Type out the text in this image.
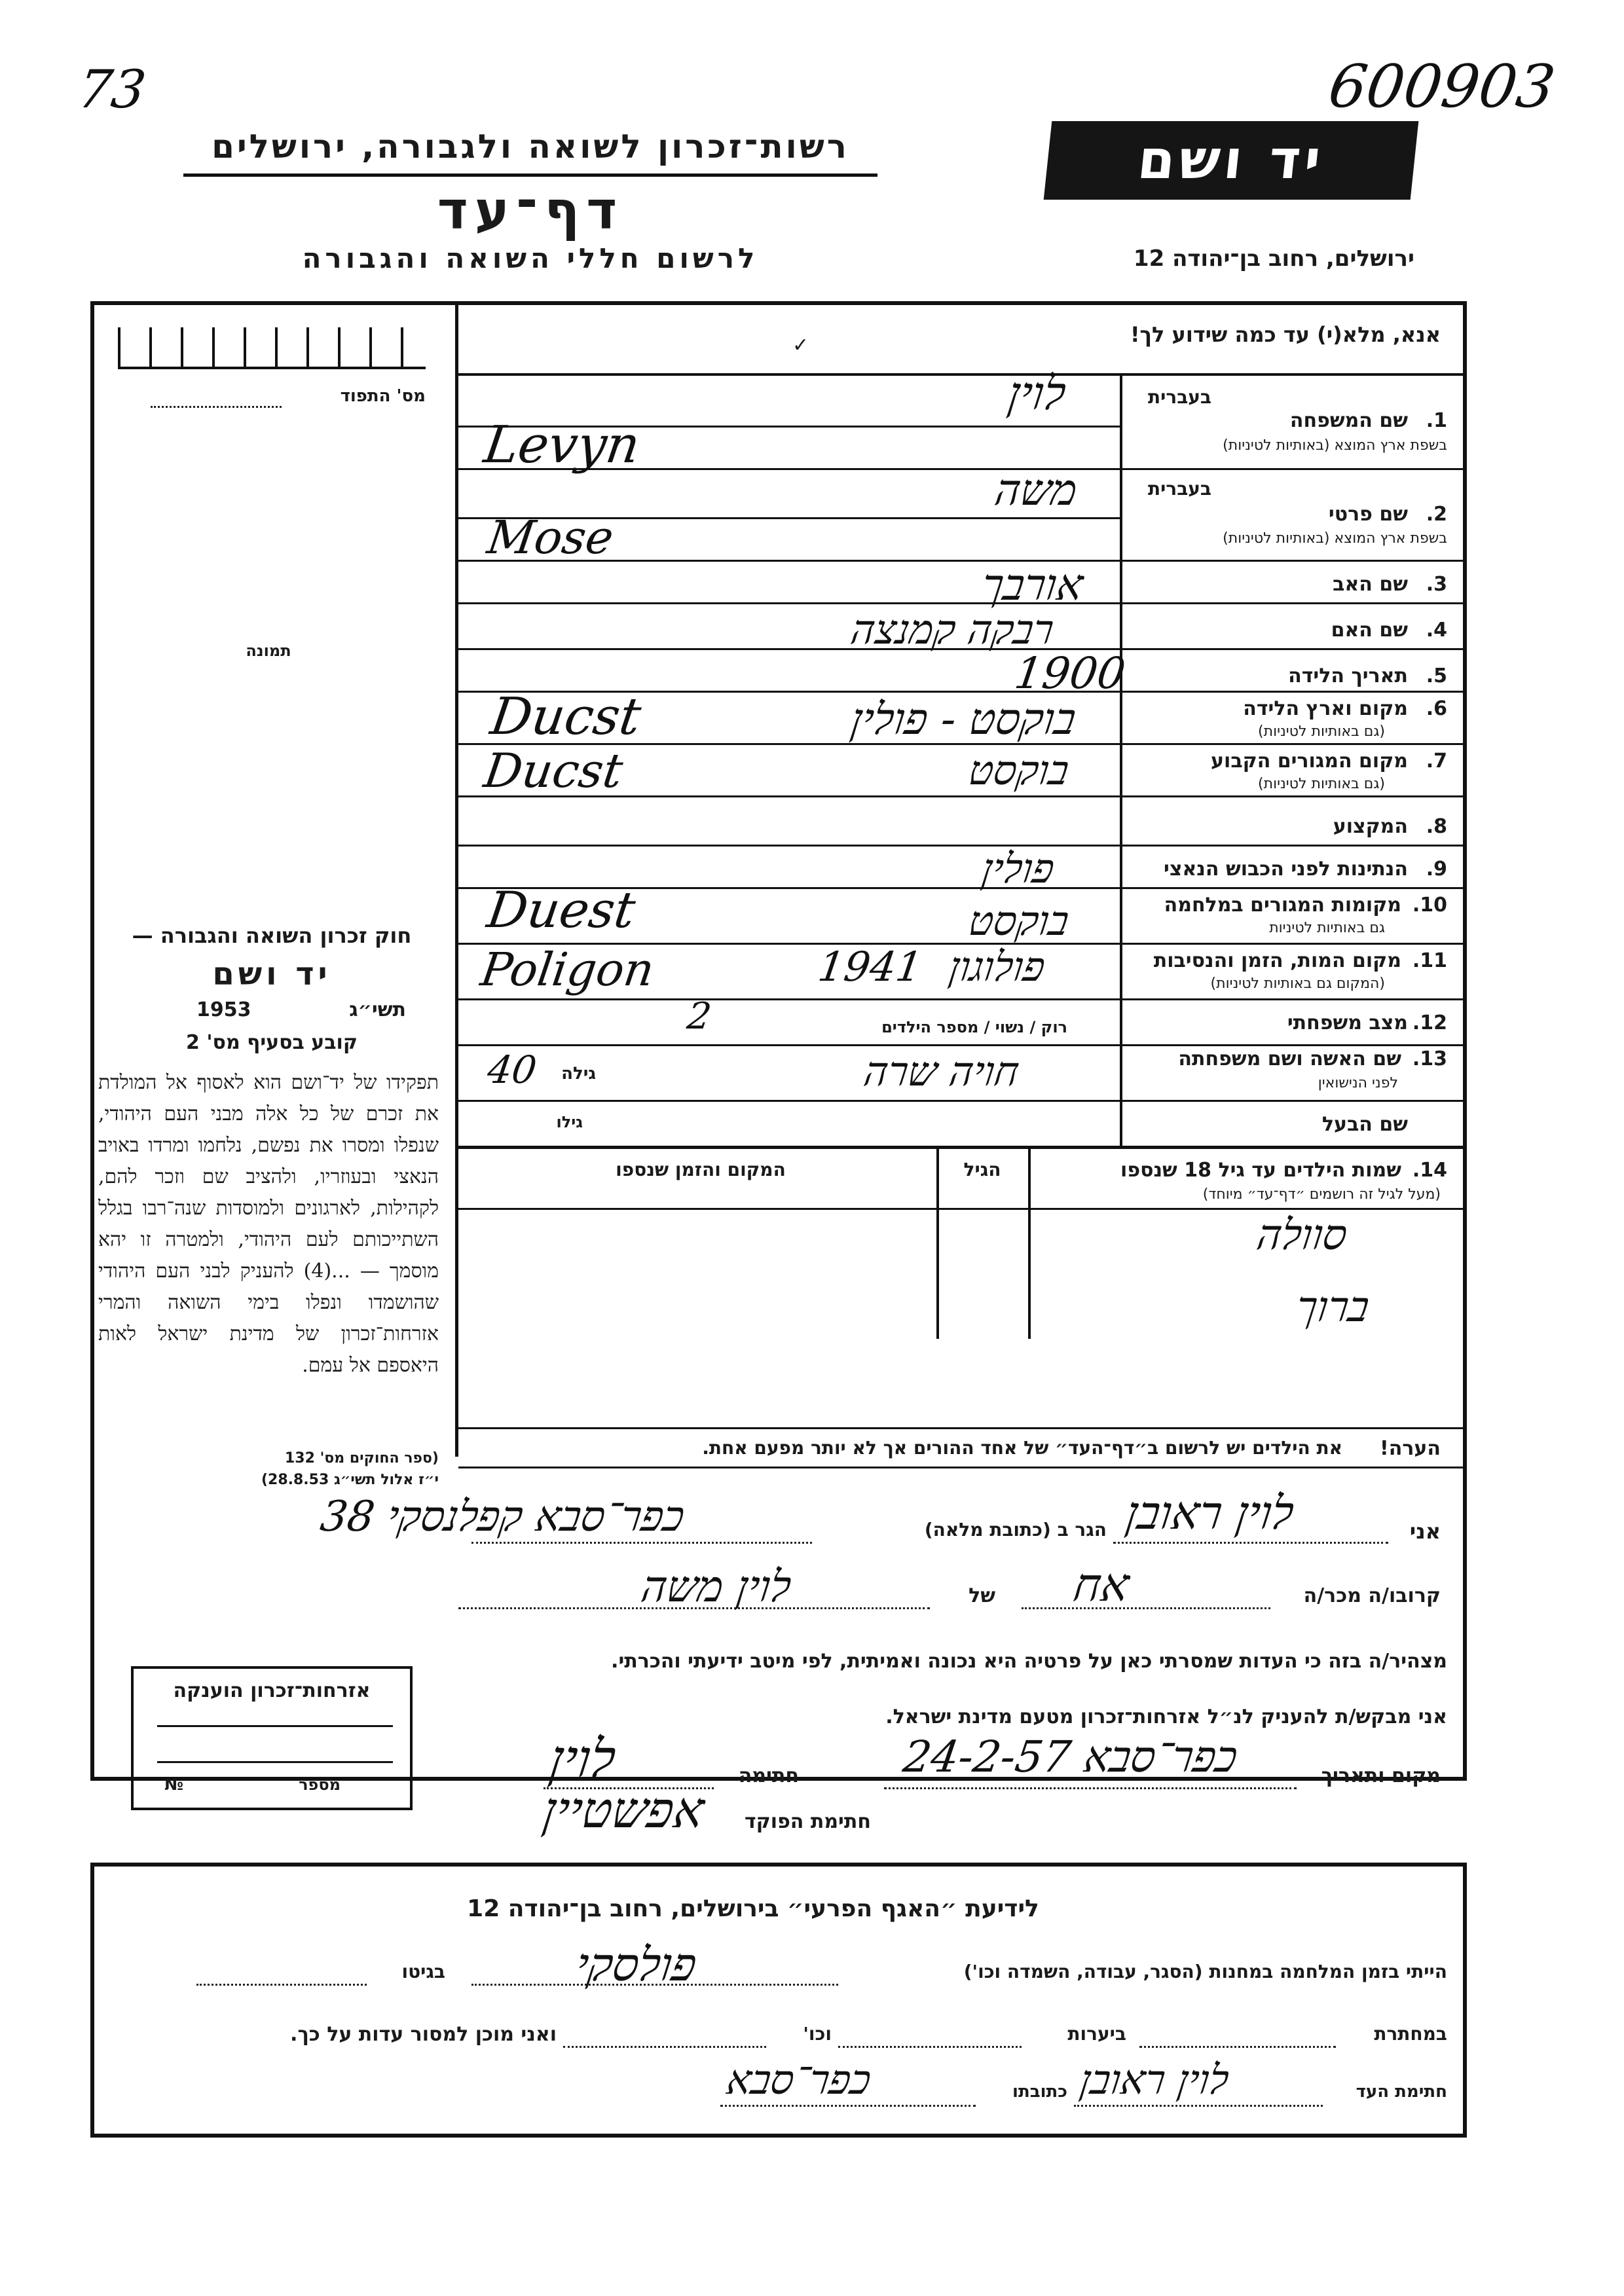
73	600903
רשות־זכרון לשואה ולגבורה, ירושלים
דף־עד
לרשום חללי השואה והגבורה
יד ושם
ירושלים, רחוב בן־יהודה 12
אנא, מלא(י) עד כמה שידוע לך!
✓
מס' התפוד
תמונה
חוק זכרון השואה והגבורה —
יד ושם
תשי״ג
1953
קובע בסעיף מס' 2
תפקידו של יד־ושם הוא לאסוף אל המולדת את זכרם של כל אלה מבני העם היהודי, שנפלו ומסרו את נפשם, נלחמו ומרדו באויב הנאצי ובעוזריו, ולהציב שם וזכר להם, לקהילות, לארגונים ולמוסדות שנה־רבו בגלל השתייכותם לעם היהודי, ולמטרה זו יהא מוסמך — ...(4) להעניק לבני העם היהודי שהושמדו ונפלו בימי השואה והמרי אזרחות־זכרון של מדינת ישראל לאות היאספם אל עמם.
(ספר החוקים מס' 132
י״ז אלול תשי״ג 28.8.53)
בעברית
שם המשפחה 1.
בשפת ארץ המוצא (באותיות לטיניות)
לוין
Levyn
בעברית
שם פרטי 2.
בשפת ארץ המוצא (באותיות לטיניות)
משה
Mose
שם האב 3.
אורבך
שם האם 4.
רבקה קמנצה
תאריך הלידה 5.
1900
מקום וארץ הלידה 6.
(גם באותיות לטיניות)
בוקסט - פולין
Ducst
מקום המגורים הקבוע 7.
(גם באותיות לטיניות)
בוקסט
Ducst
המקצוע 8.
הנתינות לפני הכבוש הנאצי 9.
פולין
מקומות המגורים במלחמה 10.
גם באותיות לטיניות
בוקסט
Duest
מקום המות, הזמן והנסיבות 11.
(המקום גם באותיות לטיניות)
פולוגון
1941
Poligon
מצב משפחתי 12.
רוק / נשוי / מספר הילדים
2
שם האשה ושם משפחתה 13.
לפני הנישואין
חויה שרה
גילה
40
שם הבעל
גילו
שמות הילדים עד גיל 18 שנספו 14.
(מעל לגיל זה רושמים ״דף־עד״ מיוחד)
הגיל
המקום והזמן שנספו
סוולה
ברוך
הערה!
את הילדים יש לרשום ב״דף־העד״ של אחד ההורים אך לא יותר מפעם אחת.
אני
לוין ראובן
הגר ב (כתובת מלאה)
כפר־סבא קפלנסקי 38
קרובו/ה מכר/ה
אח
של
לוין משה
מצהיר/ה בזה כי העדות שמסרתי כאן על פרטיה היא נכונה ואמיתית, לפי מיטב ידיעתי והכרתי.
אני מבקש/ת להעניק לנ״ל אזרחות־זכרון מטעם מדינת ישראל.
מקום ותאריך
כפר־סבא 24-2-57
חתימה
לוין
חתימת הפוקד
אפשטיין
אזרחות־זכרון הוענקה
מספר
№
לידיעת ״האגף הפרעי״ בירושלים, רחוב בן־יהודה 12
הייתי בזמן המלחמה במחנות (הסגר, עבודה, השמדה וכו')
פולסקי
בגיטו
במחתרת
ביערות
וכו'
ואני מוכן למסור עדות על כך.
חתימת העד
לוין ראובן
כתובתו
כפר־סבא
